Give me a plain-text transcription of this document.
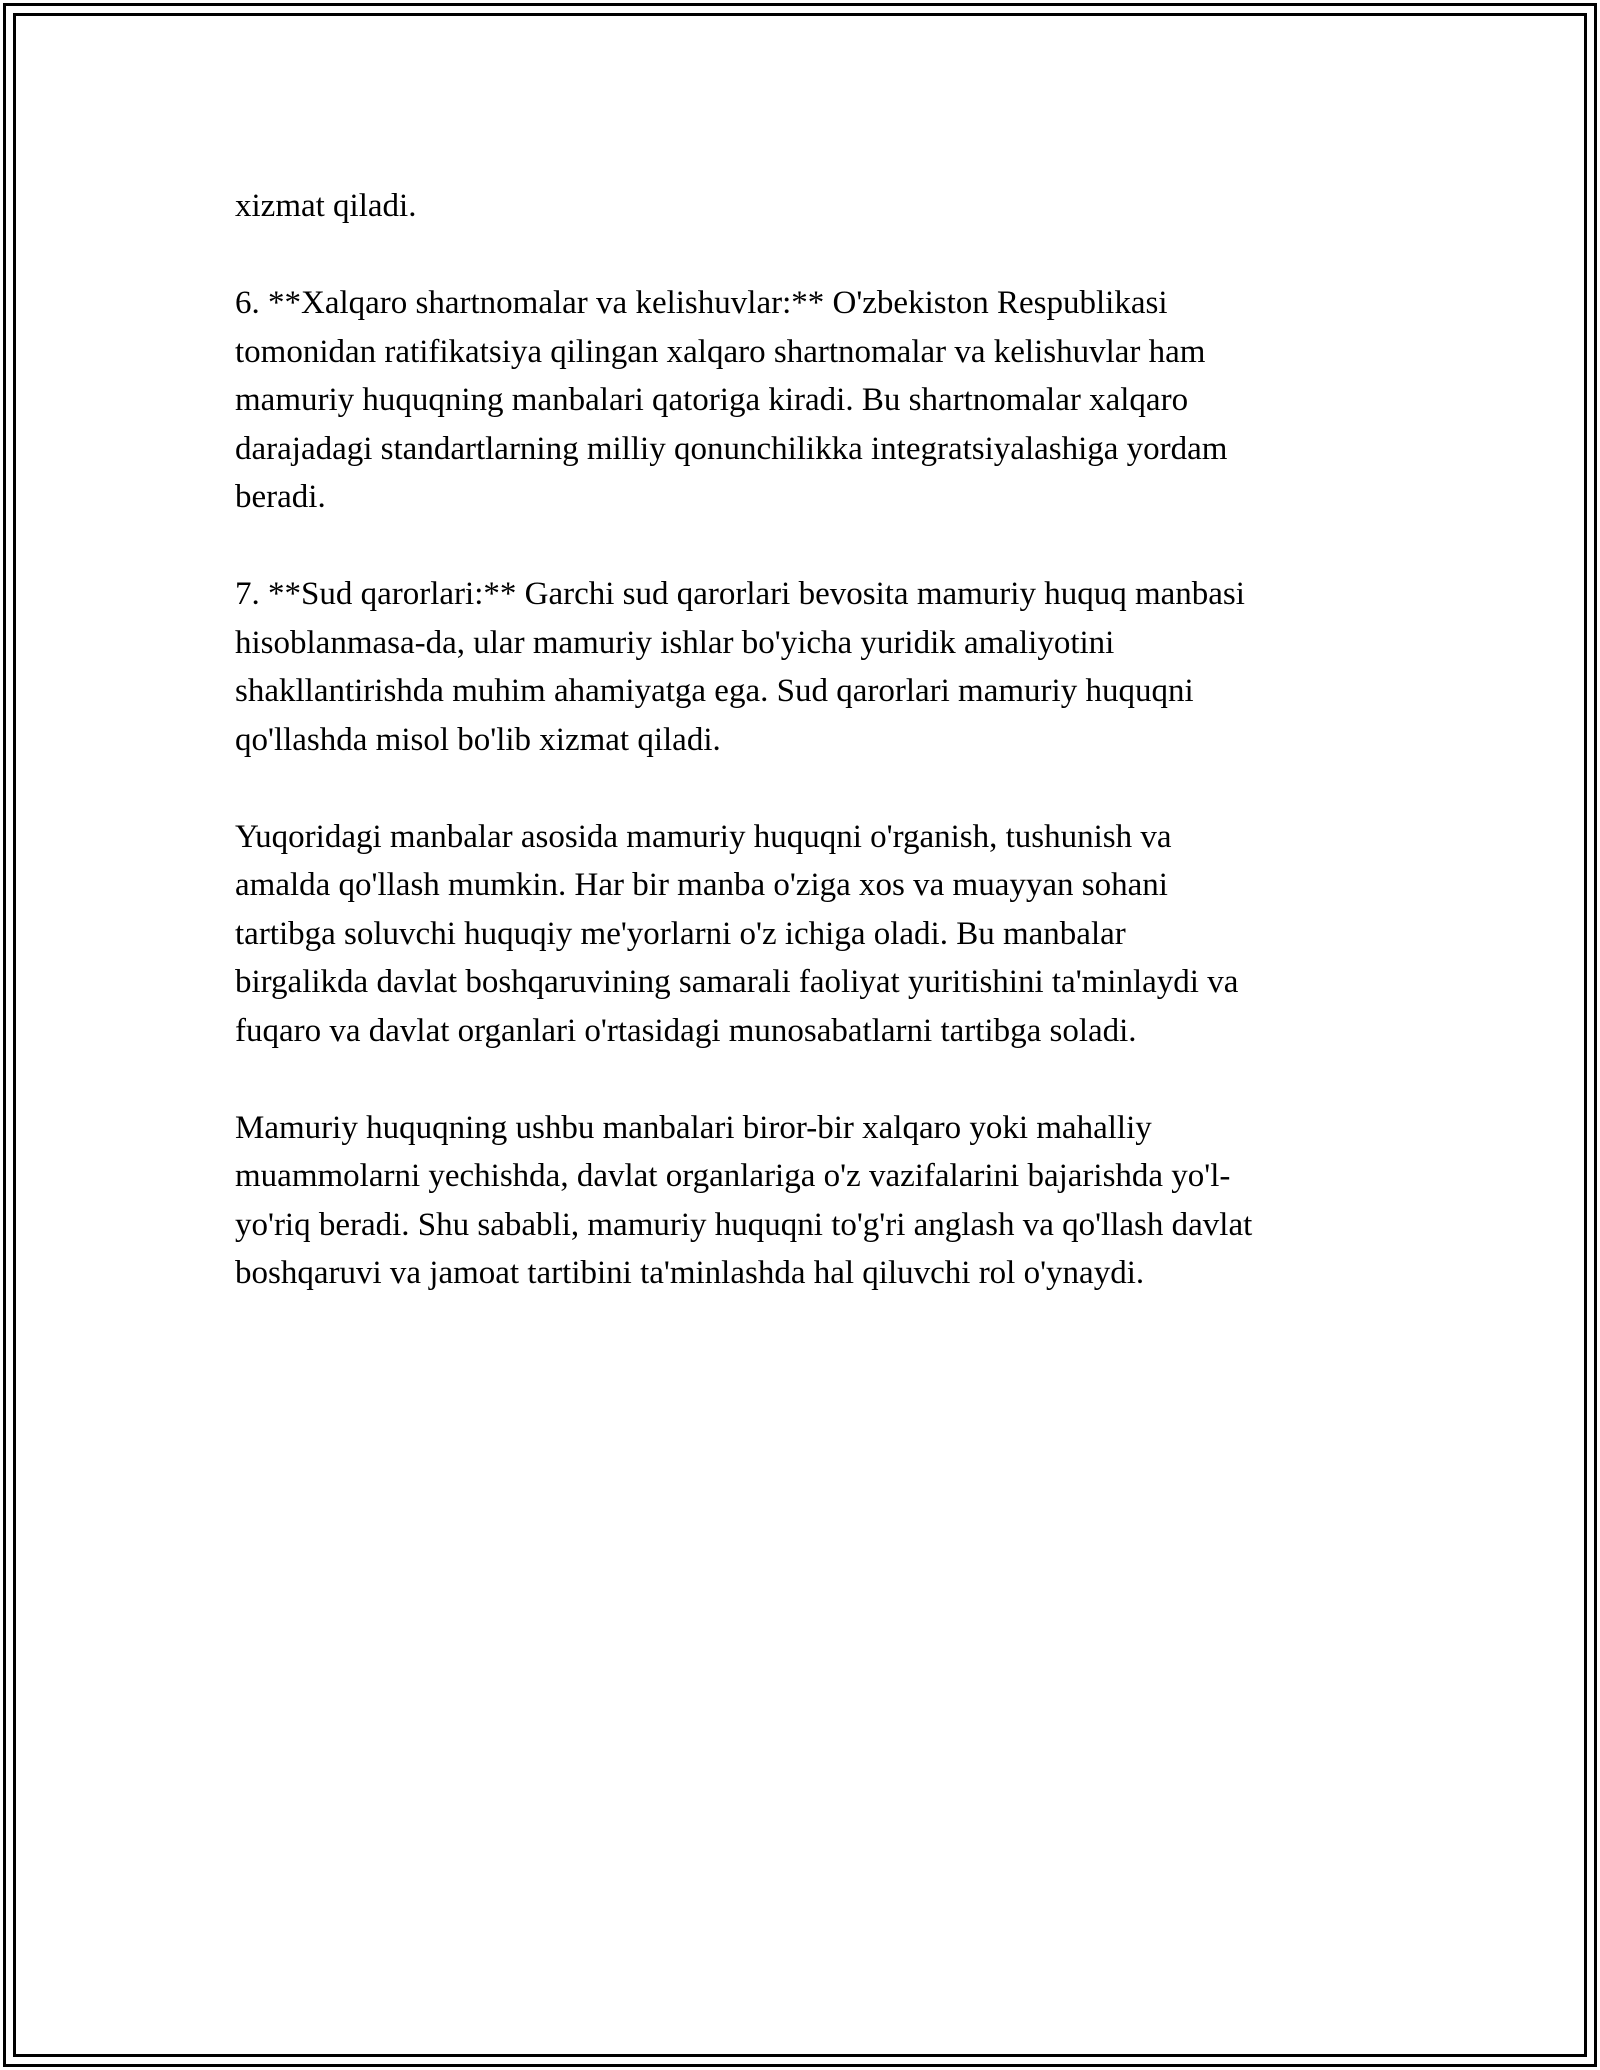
xizmat qiladi.

6. **Xalqaro shartnomalar va kelishuvlar:** O'zbekiston Respublikasi
tomonidan ratifikatsiya qilingan xalqaro shartnomalar va kelishuvlar ham
mamuriy huquqning manbalari qatoriga kiradi. Bu shartnomalar xalqaro
darajadagi standartlarning milliy qonunchilikka integratsiyalashiga yordam
beradi.

7. **Sud qarorlari:** Garchi sud qarorlari bevosita mamuriy huquq manbasi
hisoblanmasa-da, ular mamuriy ishlar bo'yicha yuridik amaliyotini
shakllantirishda muhim ahamiyatga ega. Sud qarorlari mamuriy huquqni
qo'llashda misol bo'lib xizmat qiladi.

Yuqoridagi manbalar asosida mamuriy huquqni o'rganish, tushunish va
amalda qo'llash mumkin. Har bir manba o'ziga xos va muayyan sohani
tartibga soluvchi huquqiy me'yorlarni o'z ichiga oladi. Bu manbalar
birgalikda davlat boshqaruvining samarali faoliyat yuritishini ta'minlaydi va
fuqaro va davlat organlari o'rtasidagi munosabatlarni tartibga soladi.

Mamuriy huquqning ushbu manbalari biror-bir xalqaro yoki mahalliy
muammolarni yechishda, davlat organlariga o'z vazifalarini bajarishda yo'l-
yo'riq beradi. Shu sababli, mamuriy huquqni to'g'ri anglash va qo'llash davlat
boshqaruvi va jamoat tartibini ta'minlashda hal qiluvchi rol o'ynaydi.
